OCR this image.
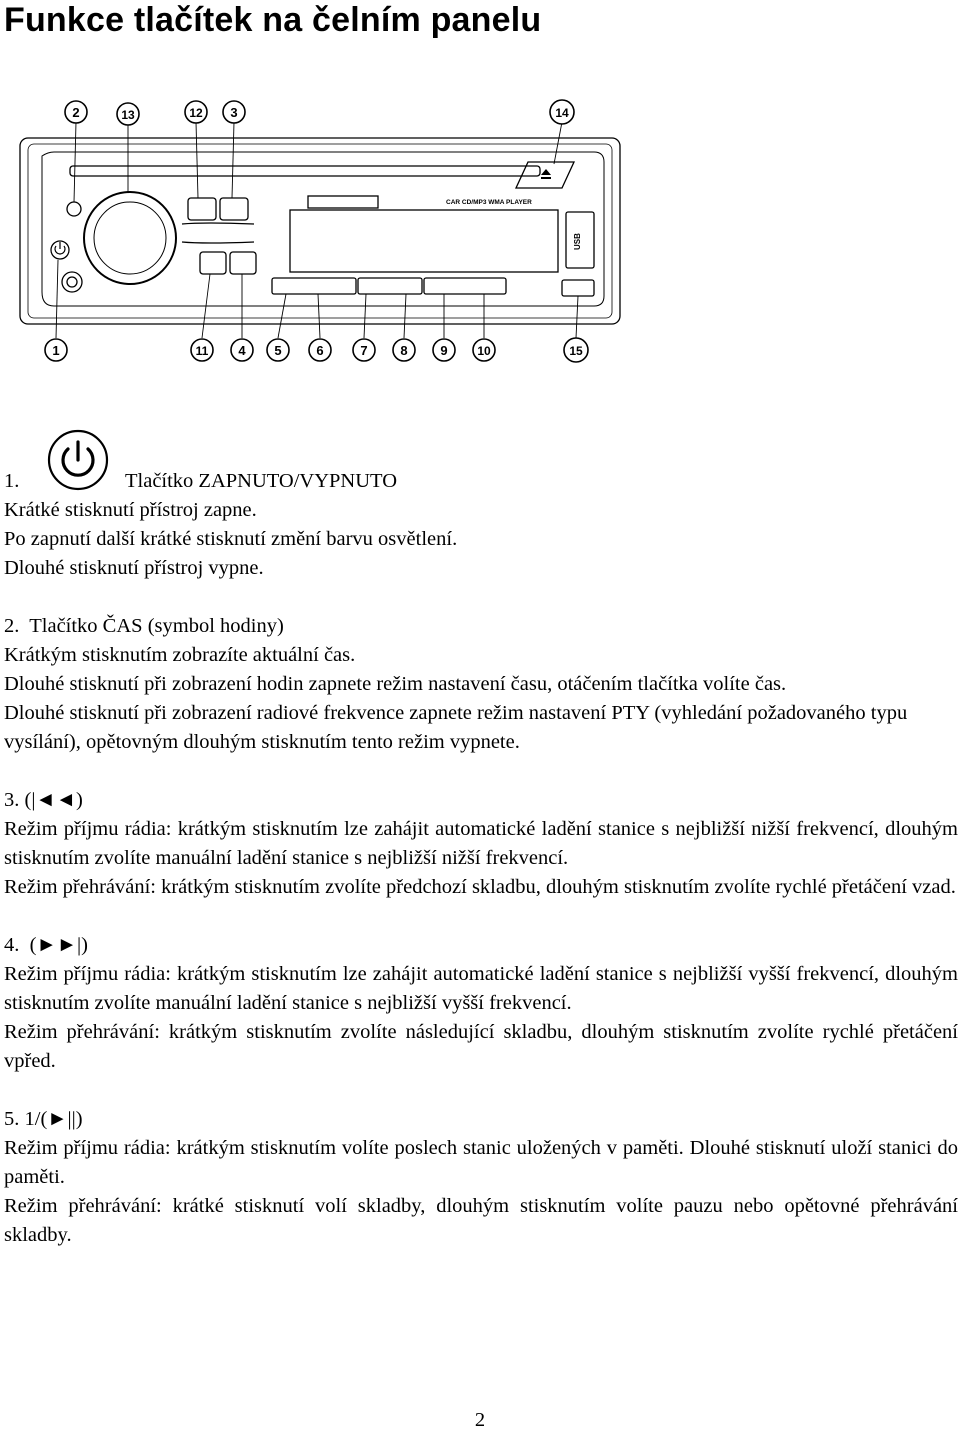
Funkce tlačítek na čelním panelu
CAR CD/MP3 WMA PLAYER
USB
2	13	12 3	14
1	11 4 5	6	7	8	9 10	15
1.	Tlačítko ZAPNUTO/VYPNUTO

Krátké stisknutí přístroj zapne.

Po zapnutí další krátké stisknutí změní barvu osvětlení.

Dlouhé stisknutí přístroj vypne.

2.  Tlačítko ČAS (symbol hodiny)

Krátkým stisknutím zobrazíte aktuální čas.

Dlouhé stisknutí při zobrazení hodin zapnete režim nastavení času, otáčením tlačítka volíte čas.

Dlouhé stisknutí při zobrazení radiové frekvence zapnete režim nastavení PTY (vyhledání požadovaného typu vysílání), opětovným dlouhým stisknutím tento režim vypnete.

3. (|◄◄)

Režim příjmu rádia: krátkým stisknutím lze zahájit automatické ladění stanice s nejbližší nižší frekvencí, dlouhým stisknutím zvolíte manuální ladění stanice s nejbližší nižší frekvencí.

Režim přehrávání: krátkým stisknutím zvolíte předchozí skladbu, dlouhým stisknutím zvolíte rychlé přetáčení vzad.

4.  (►►|)

Režim příjmu rádia: krátkým stisknutím lze zahájit automatické ladění stanice s nejbližší vyšší frekvencí, dlouhým stisknutím zvolíte manuální ladění stanice s nejbližší vyšší frekvencí.

Režim přehrávání: krátkým stisknutím zvolíte následující skladbu, dlouhým stisknutím zvolíte rychlé přetáčení vpřed.

5. 1/(►||)

Režim příjmu rádia: krátkým stisknutím volíte poslech stanic uložených v paměti. Dlouhé stisknutí uloží stanici do paměti.

Režim přehrávání: krátké stisknutí volí skladby, dlouhým stisknutím volíte pauzu nebo opětovné přehrávání skladby.

2
